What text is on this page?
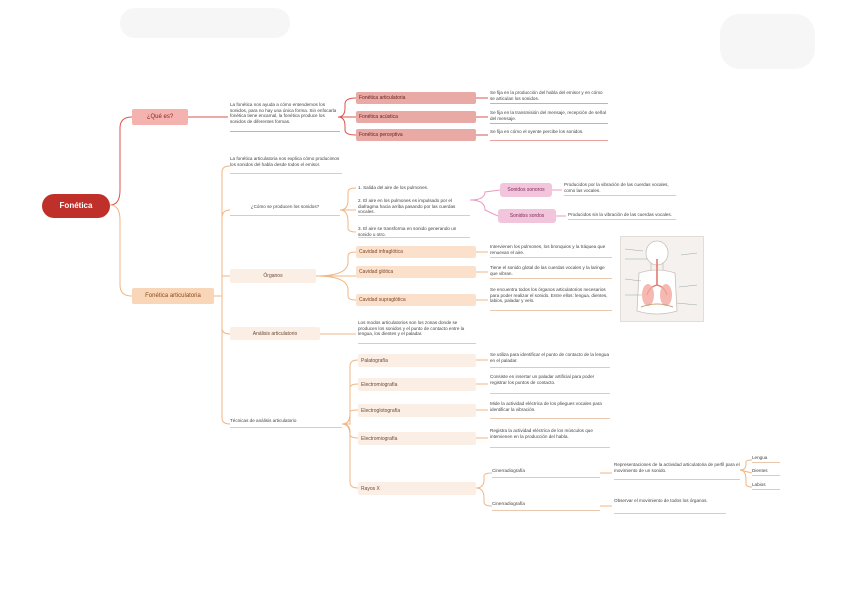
Fonética
¿Qué es?
La fonética nos ayuda a cómo entendemos los sonidos, para no hay una única forma. Sin enfocarla fonética tiene encarnal, la fonética produce los sonidos de diferentes formas.
Fonética articulatoria
Fonética acústica
Fonética perceptiva
Se fija en la producción del habla del emisor y en cómo se articulan los sonidos.
Se fija en la transmisión del mensaje, recepción de señal del mensaje.
Se fija en cómo el oyente percibe los sonidos.
Fonética articulatoria
La fonética articulatoria nos explica cómo producimos los sonidos del habla desde todos el emisor.
¿Cómo se producen los sonidos?
1. Salida del aire de los pulmones.
2. El aire en los pulmones es impulsado por el diafragma hacia arriba pasando por las cuerdas vocales.
3. El aire se transforma en sonido generando un sonido u otro.
Sonidos sonoros
Sonidos sordos
Producidos por la vibración de las cuerdas vocales, como las vocales.
Producidos sin la vibración de las cuerdas vocales.
Órganos
Cavidad infraglótica
Cavidad glótica
Cavidad supraglótica
Intervienen los pulmones, los bronquios y la tráquea que renuevan el aire.
Tiene el sonido glotal de las cuerdas vocales y la laringe que vibran.
Se encuentra todos los órganos articulatorios necesarios para poder realizar el sonido. Entre ellos: lengua, dientes, labios, paladar y velo.
Análisis articulatorio
Los modos articulatorios son los zonas donde se producen los sonidos y el punto de contacto entre la lengua, los dientes y el paladar.
Técnicas de análisis articulatorio
Palatografía
Electromiografía
Electroglotografía
Electromiografía
Rayos X
Se utiliza para identificar el punto de contacto de la lengua en el paladar.
Consiste en insertar un paladar artificial para poder registrar los puntos de contacto.
Mide la actividad eléctrica de los pliegues vocales para identificar la vibración.
Registra la actividad eléctrica de los músculos que intervienen en la producción del habla.
Cinerradiografía
Cinerradiografía
Representaciones de la actividad articulatoria de perfil para el movimiento de un sonido.
Observar el movimiento de todos los órganos.
Lengua
Dientes
Labios
